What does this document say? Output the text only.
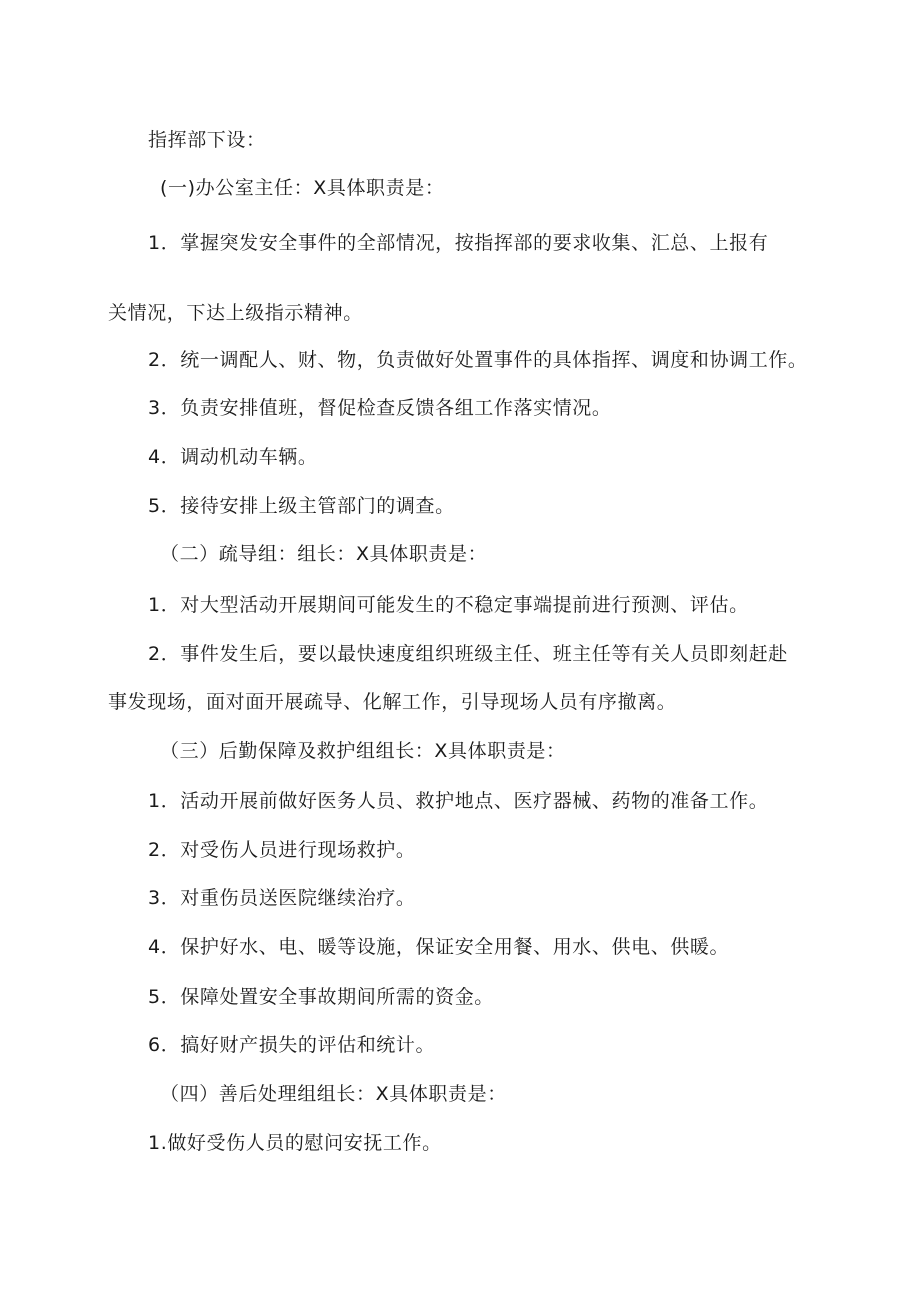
指挥部下设：
(一)办公室主任：X具体职责是：
1．掌握突发安全事件的全部情况，按指挥部的要求收集、汇总、上报有
关情况，下达上级指示精神。
2．统一调配人、财、物，负责做好处置事件的具体指挥、调度和协调工作。
3．负责安排值班，督促检查反馈各组工作落实情况。
4．调动机动车辆。
5．接待安排上级主管部门的调查。
（二）疏导组：组长：X具体职责是：
1．对大型活动开展期间可能发生的不稳定事端提前进行预测、评估。
2．事件发生后，要以最快速度组织班级主任、班主任等有关人员即刻赶赴
事发现场，面对面开展疏导、化解工作，引导现场人员有序撤离。
（三）后勤保障及救护组组长：X具体职责是：
1．活动开展前做好医务人员、救护地点、医疗器械、药物的准备工作。
2．对受伤人员进行现场救护。
3．对重伤员送医院继续治疗。
4．保护好水、电、暖等设施，保证安全用餐、用水、供电、供暖。
5．保障处置安全事故期间所需的资金。
6．搞好财产损失的评估和统计。
（四）善后处理组组长：X具体职责是：
1.做好受伤人员的慰问安抚工作。
